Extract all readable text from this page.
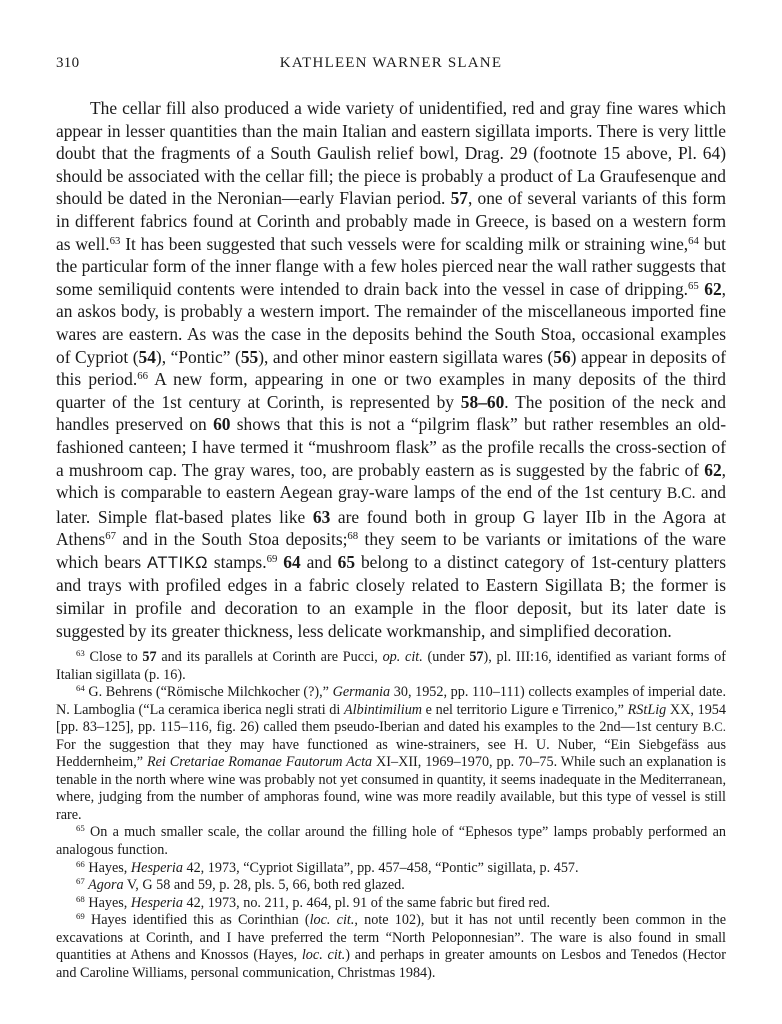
310	KATHLEEN WARNER SLANE

The cellar fill also produced a wide variety of unidentified, red and gray fine wares which appear in lesser quantities than the main Italian and eastern sigillata imports. There is very little doubt that the fragments of a South Gaulish relief bowl, Drag. 29 (footnote 15 above, Pl. 64) should be associated with the cellar fill; the piece is probably a product of La Graufesenque and should be dated in the Neronian—early Flavian period. 57, one of several variants of this form in different fabrics found at Corinth and probably made in Greece, is based on a western form as well.$^{63}$ It has been suggested that such vessels were for scalding milk or straining wine,$^{64}$ but the particular form of the inner flange with a few holes pierced near the wall rather suggests that some semiliquid contents were intended to drain back into the vessel in case of dripping.$^{65}$ 62, an askos body, is probably a western import. The remainder of the miscellaneous imported fine wares are eastern. As was the case in the deposits behind the South Stoa, occasional examples of Cypriot (54), “Pontic” (55), and other minor eastern sigillata wares (56) appear in deposits of this period.$^{66}$ A new form, appearing in one or two examples in many deposits of the third quarter of the 1st century at Corinth, is represented by 58–60. The position of the neck and handles preserved on 60 shows that this is not a “pilgrim flask” but rather resembles an old-fashioned canteen; I have termed it “mushroom flask” as the profile recalls the cross-section of a mushroom cap. The gray wares, too, are probably eastern as is suggested by the fabric of 62, which is comparable to eastern Aegean gray-ware lamps of the end of the 1st century B.C. and later. Simple flat-based plates like 63 are found both in group G layer IIb in the Agora at Athens$^{67}$ and in the South Stoa deposits;$^{68}$ they seem to be variants or imitations of the ware which bears ATTIKΩ stamps.$^{69}$ 64 and 65 belong to a distinct category of 1st-century platters and trays with profiled edges in a fabric closely related to Eastern Sigillata B; the former is similar in profile and decoration to an example in the floor deposit, but its later date is suggested by its greater thickness, less delicate workmanship, and simplified decoration.

$^{63}$ Close to 57 and its parallels at Corinth are Pucci, op. cit. (under 57), pl. III:16, identified as variant forms of Italian sigillata (p. 16).

$^{64}$ G. Behrens (“Römische Milchkocher (?),” Germania 30, 1952, pp. 110–111) collects examples of imperial date. N. Lamboglia (“La ceramica iberica negli strati di Albintimilium e nel territorio Ligure e Tirrenico,” RStLig XX, 1954 [pp. 83–125], pp. 115–116, fig. 26) called them pseudo-Iberian and dated his examples to the 2nd—1st century B.C. For the suggestion that they may have functioned as wine-strainers, see H. U. Nuber, “Ein Siebgefäss aus Heddernheim,” Rei Cretariae Romanae Fautorum Acta XI–XII, 1969–1970, pp. 70–75. While such an explanation is tenable in the north where wine was probably not yet consumed in quantity, it seems inadequate in the Mediterranean, where, judging from the number of amphoras found, wine was more readily available, but this type of vessel is still rare.

$^{65}$ On a much smaller scale, the collar around the filling hole of “Ephesos type” lamps probably performed an analogous function.

$^{66}$ Hayes, Hesperia 42, 1973, “Cypriot Sigillata”, pp. 457–458, “Pontic” sigillata, p. 457.

$^{67}$ Agora V, G 58 and 59, p. 28, pls. 5, 66, both red glazed.

$^{68}$ Hayes, Hesperia 42, 1973, no. 211, p. 464, pl. 91 of the same fabric but fired red.

$^{69}$ Hayes identified this as Corinthian (loc. cit., note 102), but it has not until recently been common in the excavations at Corinth, and I have preferred the term “North Peloponnesian”. The ware is also found in small quantities at Athens and Knossos (Hayes, loc. cit.) and perhaps in greater amounts on Lesbos and Tenedos (Hector and Caroline Williams, personal communication, Christmas 1984).
